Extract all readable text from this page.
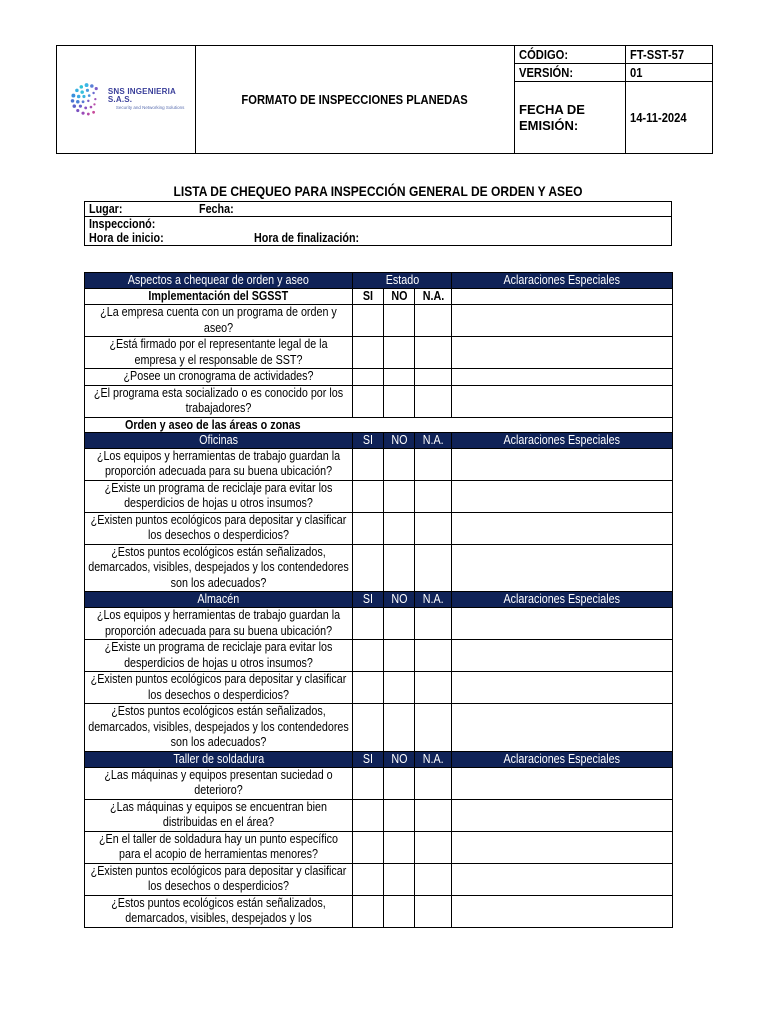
SNS INGENIERIA S.A.S.
Security and Networking Solutions	FORMATO DE INSPECCIONES PLANEDAS	CÓDIGO:	FT-SST-57
		VERSIÓN:	01

		FECHA DE EMISIÓN:	14-11-2024
LISTA DE CHEQUEO PARA INSPECCIÓN GENERAL DE ORDEN Y ASEO
Lugar:	Fecha:
Inspeccionó:
Hora de inicio:	Hora de finalización:
Aspectos a chequear de orden y aseo	Estado			Aclaraciones Especiales
Implementación del SGSST	SI	NO	N.A.	

¿La empresa cuenta con un programa de orden y aseo?				

¿Está firmado por el representante legal de la empresa y el responsable de SST?				

¿Posee un cronograma de actividades?				

¿El programa esta socializado o es conocido por los trabajadores?				

Orden y aseo de las áreas o zonas				
Oficinas	SI	NO	N.A.	Aclaraciones Especiales

¿Los equipos y herramientas de trabajo guardan la proporción adecuada para su buena ubicación?				

¿Existe un programa de reciclaje para evitar los desperdicios de hojas u otros insumos?				

¿Existen puntos ecológicos para depositar y clasificar los desechos o desperdicios?				

¿Estos puntos ecológicos están señalizados, demarcados, visibles, despejados y los contendedores son los adecuados?				

Almacén	SI	NO	N.A.	Aclaraciones Especiales

¿Los equipos y herramientas de trabajo guardan la proporción adecuada para su buena ubicación?				

¿Existe un programa de reciclaje para evitar los desperdicios de hojas u otros insumos?				

¿Existen puntos ecológicos para depositar y clasificar los desechos o desperdicios?				

¿Estos puntos ecológicos están señalizados, demarcados, visibles, despejados y los contendedores son los adecuados?				

Taller de soldadura	SI	NO	N.A.	Aclaraciones Especiales

¿Las máquinas y equipos presentan suciedad o deterioro?				

¿Las máquinas y equipos se encuentran bien distribuidas en el área?				

¿En el taller de soldadura hay un punto específico para el acopio de herramientas menores?				

¿Existen puntos ecológicos para depositar y clasificar los desechos o desperdicios?				

¿Estos puntos ecológicos están señalizados, demarcados, visibles, despejados y los				
